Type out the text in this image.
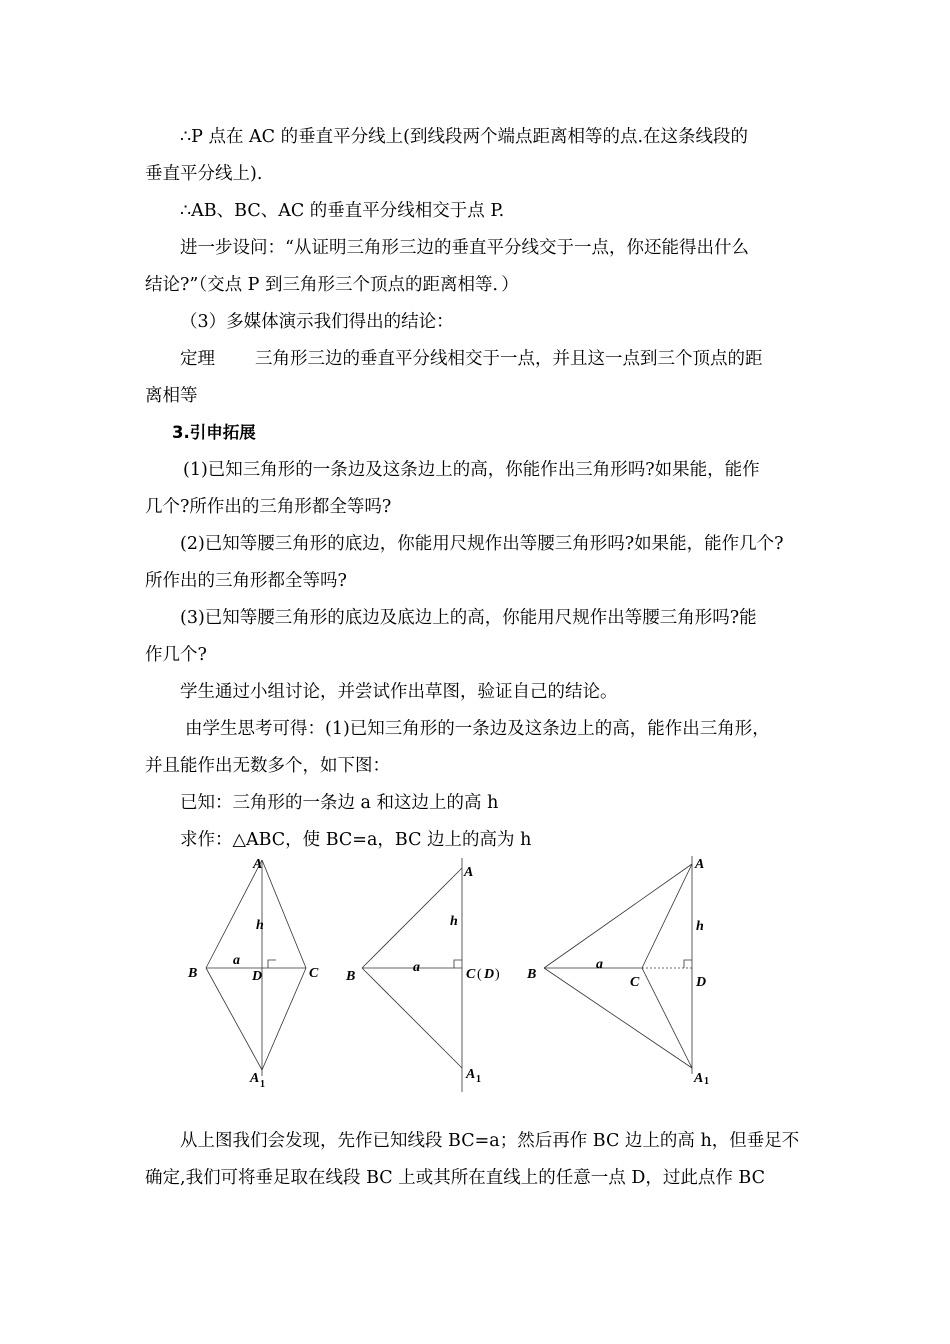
∴P 点在 AC 的垂直平分线上(到线段两个端点距离相等的点.在这条线段的
垂直平分线上).
∴AB、BC、AC 的垂直平分线相交于点 P.
进一步设问：“从证明三角形三边的垂直平分线交于一点，你还能得出什么
结论?”（交点 P 到三角形三个顶点的距离相等．）
（3）多媒体演示我们得出的结论：
定理 三角形三边的垂直平分线相交于一点，并且这一点到三个顶点的距
离相等
3.引申拓展
(1)已知三角形的一条边及这条边上的高，你能作出三角形吗?如果能，能作
几个?所作出的三角形都全等吗?
(2)已知等腰三角形的底边，你能用尺规作出等腰三角形吗?如果能，能作几个?
所作出的三角形都全等吗?
(3)已知等腰三角形的底边及底边上的高，你能用尺规作出等腰三角形吗?能
作几个?
学生通过小组讨论，并尝试作出草图，验证自己的结论。
由学生思考可得：(1)已知三角形的一条边及这条边上的高，能作出三角形，
并且能作出无数多个，如下图：
已知：三角形的一条边 a 和这边上的高 h
求作：△ABC，使 BC=a，BC 边上的高为 h
A
h
a
B	D	C
A 1
A
h
a
B	C ( D )
A 1
A
h
a
B
C	D
A 1
从上图我们会发现，先作已知线段 BC=a；然后再作 BC 边上的高 h，但垂足不
确定,我们可将垂足取在线段 BC 上或其所在直线上的任意一点 D，过此点作 BC
